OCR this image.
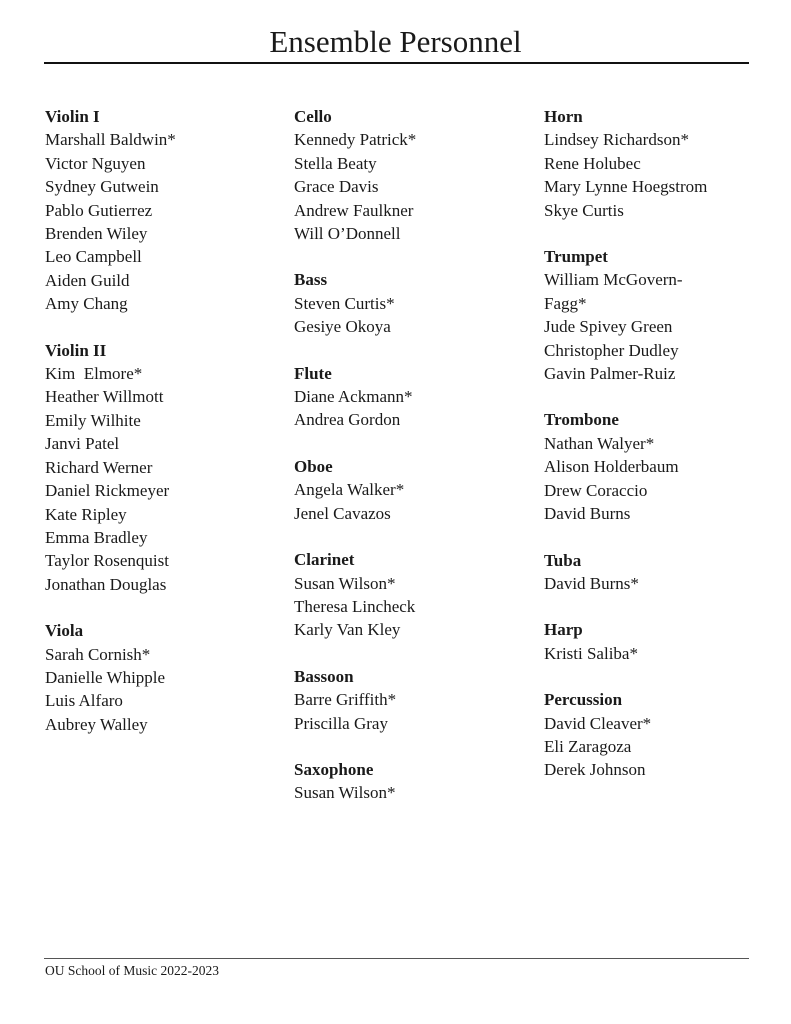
Ensemble Personnel

Violin I

Marshall Baldwin*

Victor Nguyen

Sydney Gutwein

Pablo Gutierrez

Brenden Wiley

Leo Campbell

Aiden Guild

Amy Chang

Violin II

Kim  Elmore*

Heather Willmott

Emily Wilhite

Janvi Patel

Richard Werner

Daniel Rickmeyer

Kate Ripley

Emma Bradley

Taylor Rosenquist

Jonathan Douglas

Viola

Sarah Cornish*

Danielle Whipple

Luis Alfaro

Aubrey Walley

Cello

Kennedy Patrick*

Stella Beaty

Grace Davis

Andrew Faulkner

Will O’Donnell

Bass

Steven Curtis*

Gesiye Okoya

Flute

Diane Ackmann*

Andrea Gordon

Oboe

Angela Walker*

Jenel Cavazos

Clarinet

Susan Wilson*

Theresa Lincheck

Karly Van Kley

Bassoon

Barre Griffith*

Priscilla Gray

Saxophone

Susan Wilson*

Horn

Lindsey Richardson*

Rene Holubec

Mary Lynne Hoegstrom

Skye Curtis

Trumpet

William McGovern-

Fagg*

Jude Spivey Green

Christopher Dudley

Gavin Palmer-Ruiz

Trombone

Nathan Walyer*

Alison Holderbaum

Drew Coraccio

David Burns

Tuba

David Burns*

Harp

Kristi Saliba*

Percussion

David Cleaver*

Eli Zaragoza

Derek Johnson

OU School of Music 2022-2023
